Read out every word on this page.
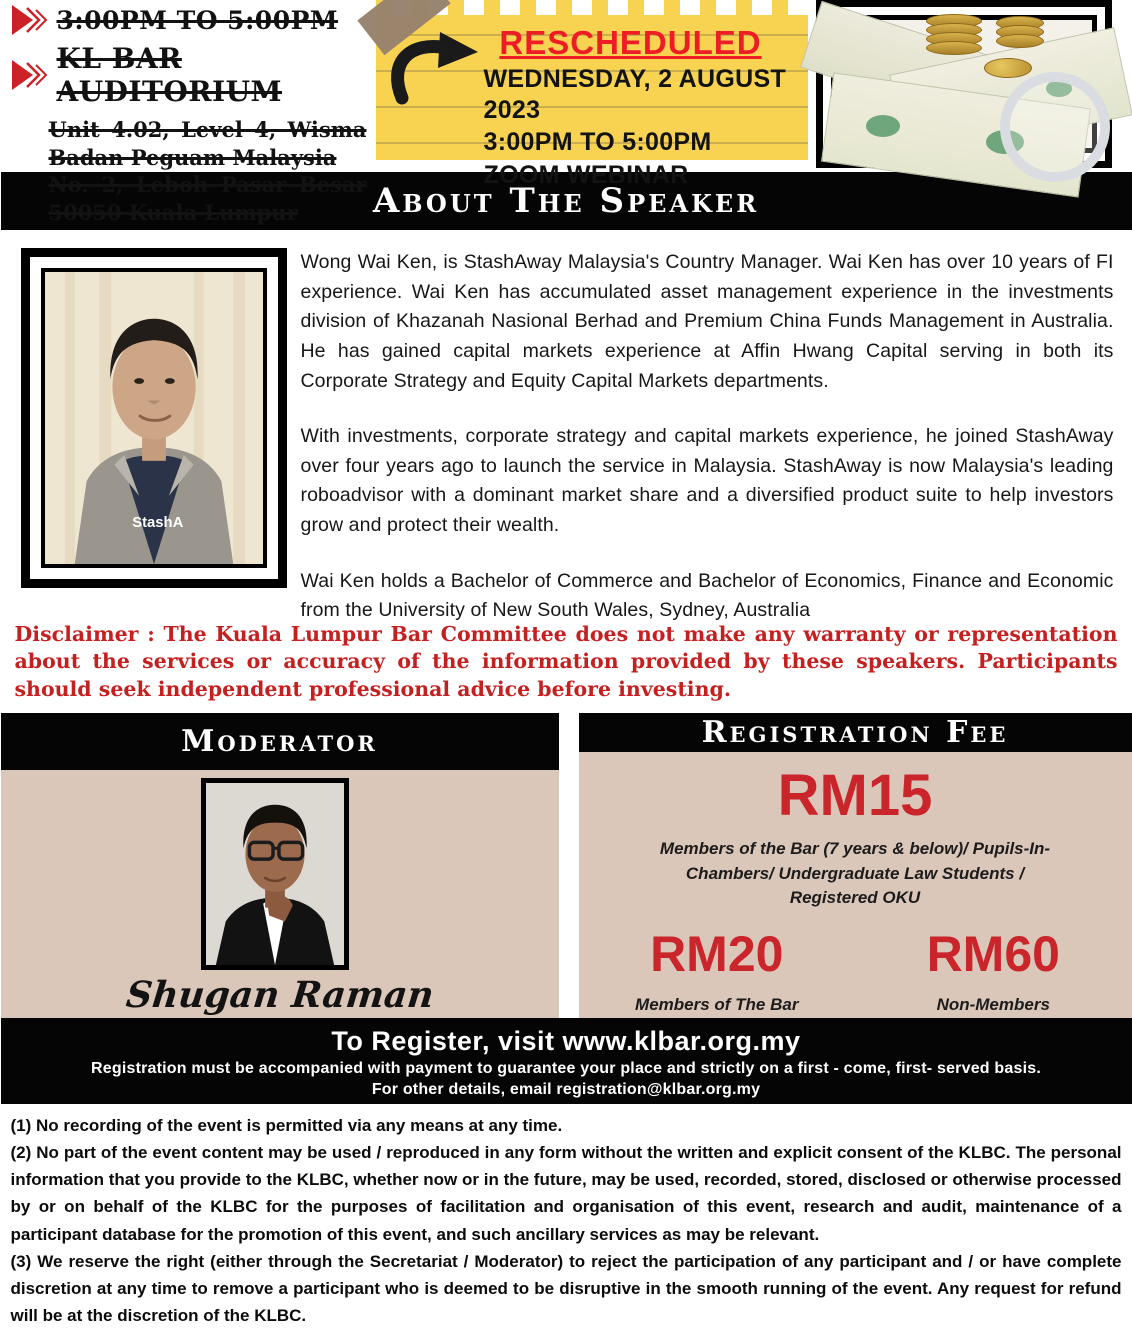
3:00PM TO 5:00PM
KL BAR AUDITORIUM
Unit 4.02, Level 4, Wisma Badan Peguam Malaysia
No. 2, Leboh Pasar Besar 50050 Kuala Lumpur
RESCHEDULED
WEDNESDAY, 2 AUGUST 2023
3:00PM TO 5:00PM
ZOOM WEBINAR
About The Speaker
StashA

Wong Wai Ken, is StashAway Malaysia's Country Manager. Wai Ken has over 10 years of FI experience. Wai Ken has accumulated asset management experience in the investments division of Khazanah Nasional Berhad and Premium China Funds Management in Australia. He has gained capital markets experience at Affin Hwang Capital serving in both its Corporate Strategy and Equity Capital Markets departments.

With investments, corporate strategy and capital markets experience, he joined StashAway over four years ago to launch the service in Malaysia. StashAway is now Malaysia's leading roboadvisor with a dominant market share and a diversified product suite to help investors grow and protect their wealth.

Wai Ken holds a Bachelor of Commerce and Bachelor of Economics, Finance and Economic from the University of New South Wales, Sydney, Australia

Disclaimer : The Kuala Lumpur Bar Committee does not make any warranty or representation about the services or accuracy of the information provided by these speakers. Participants should seek independent professional advice before investing.

Moderator
Shugan Raman
Registration Fee
RM15
Members of the Bar (7 years & below)/ Pupils-In-Chambers/ Undergraduate Law Students / Registered OKU
RM20
Members of The Bar
RM60
Non-Members
To Register, visit www.klbar.org.my
Registration must be accompanied with payment to guarantee your place and strictly on a first - come, first- served basis.
For other details, email registration@klbar.org.my

(1) No recording of the event is permitted via any means at any time.

(2) No part of the event content may be used / reproduced in any form without the written and explicit consent of the KLBC. The personal information that you provide to the KLBC, whether now or in the future, may be used, recorded, stored, disclosed or otherwise processed by or on behalf of the KLBC for the purposes of facilitation and organisation of this event, research and audit, maintenance of a participant database for the promotion of this event, and such ancillary services as may be relevant.

(3) We reserve the right (either through the Secretariat / Moderator) to reject the participation of any participant and / or have complete discretion at any time to remove a participant who is deemed to be disruptive in the smooth running of the event. Any request for refund will be at the discretion of the KLBC.
